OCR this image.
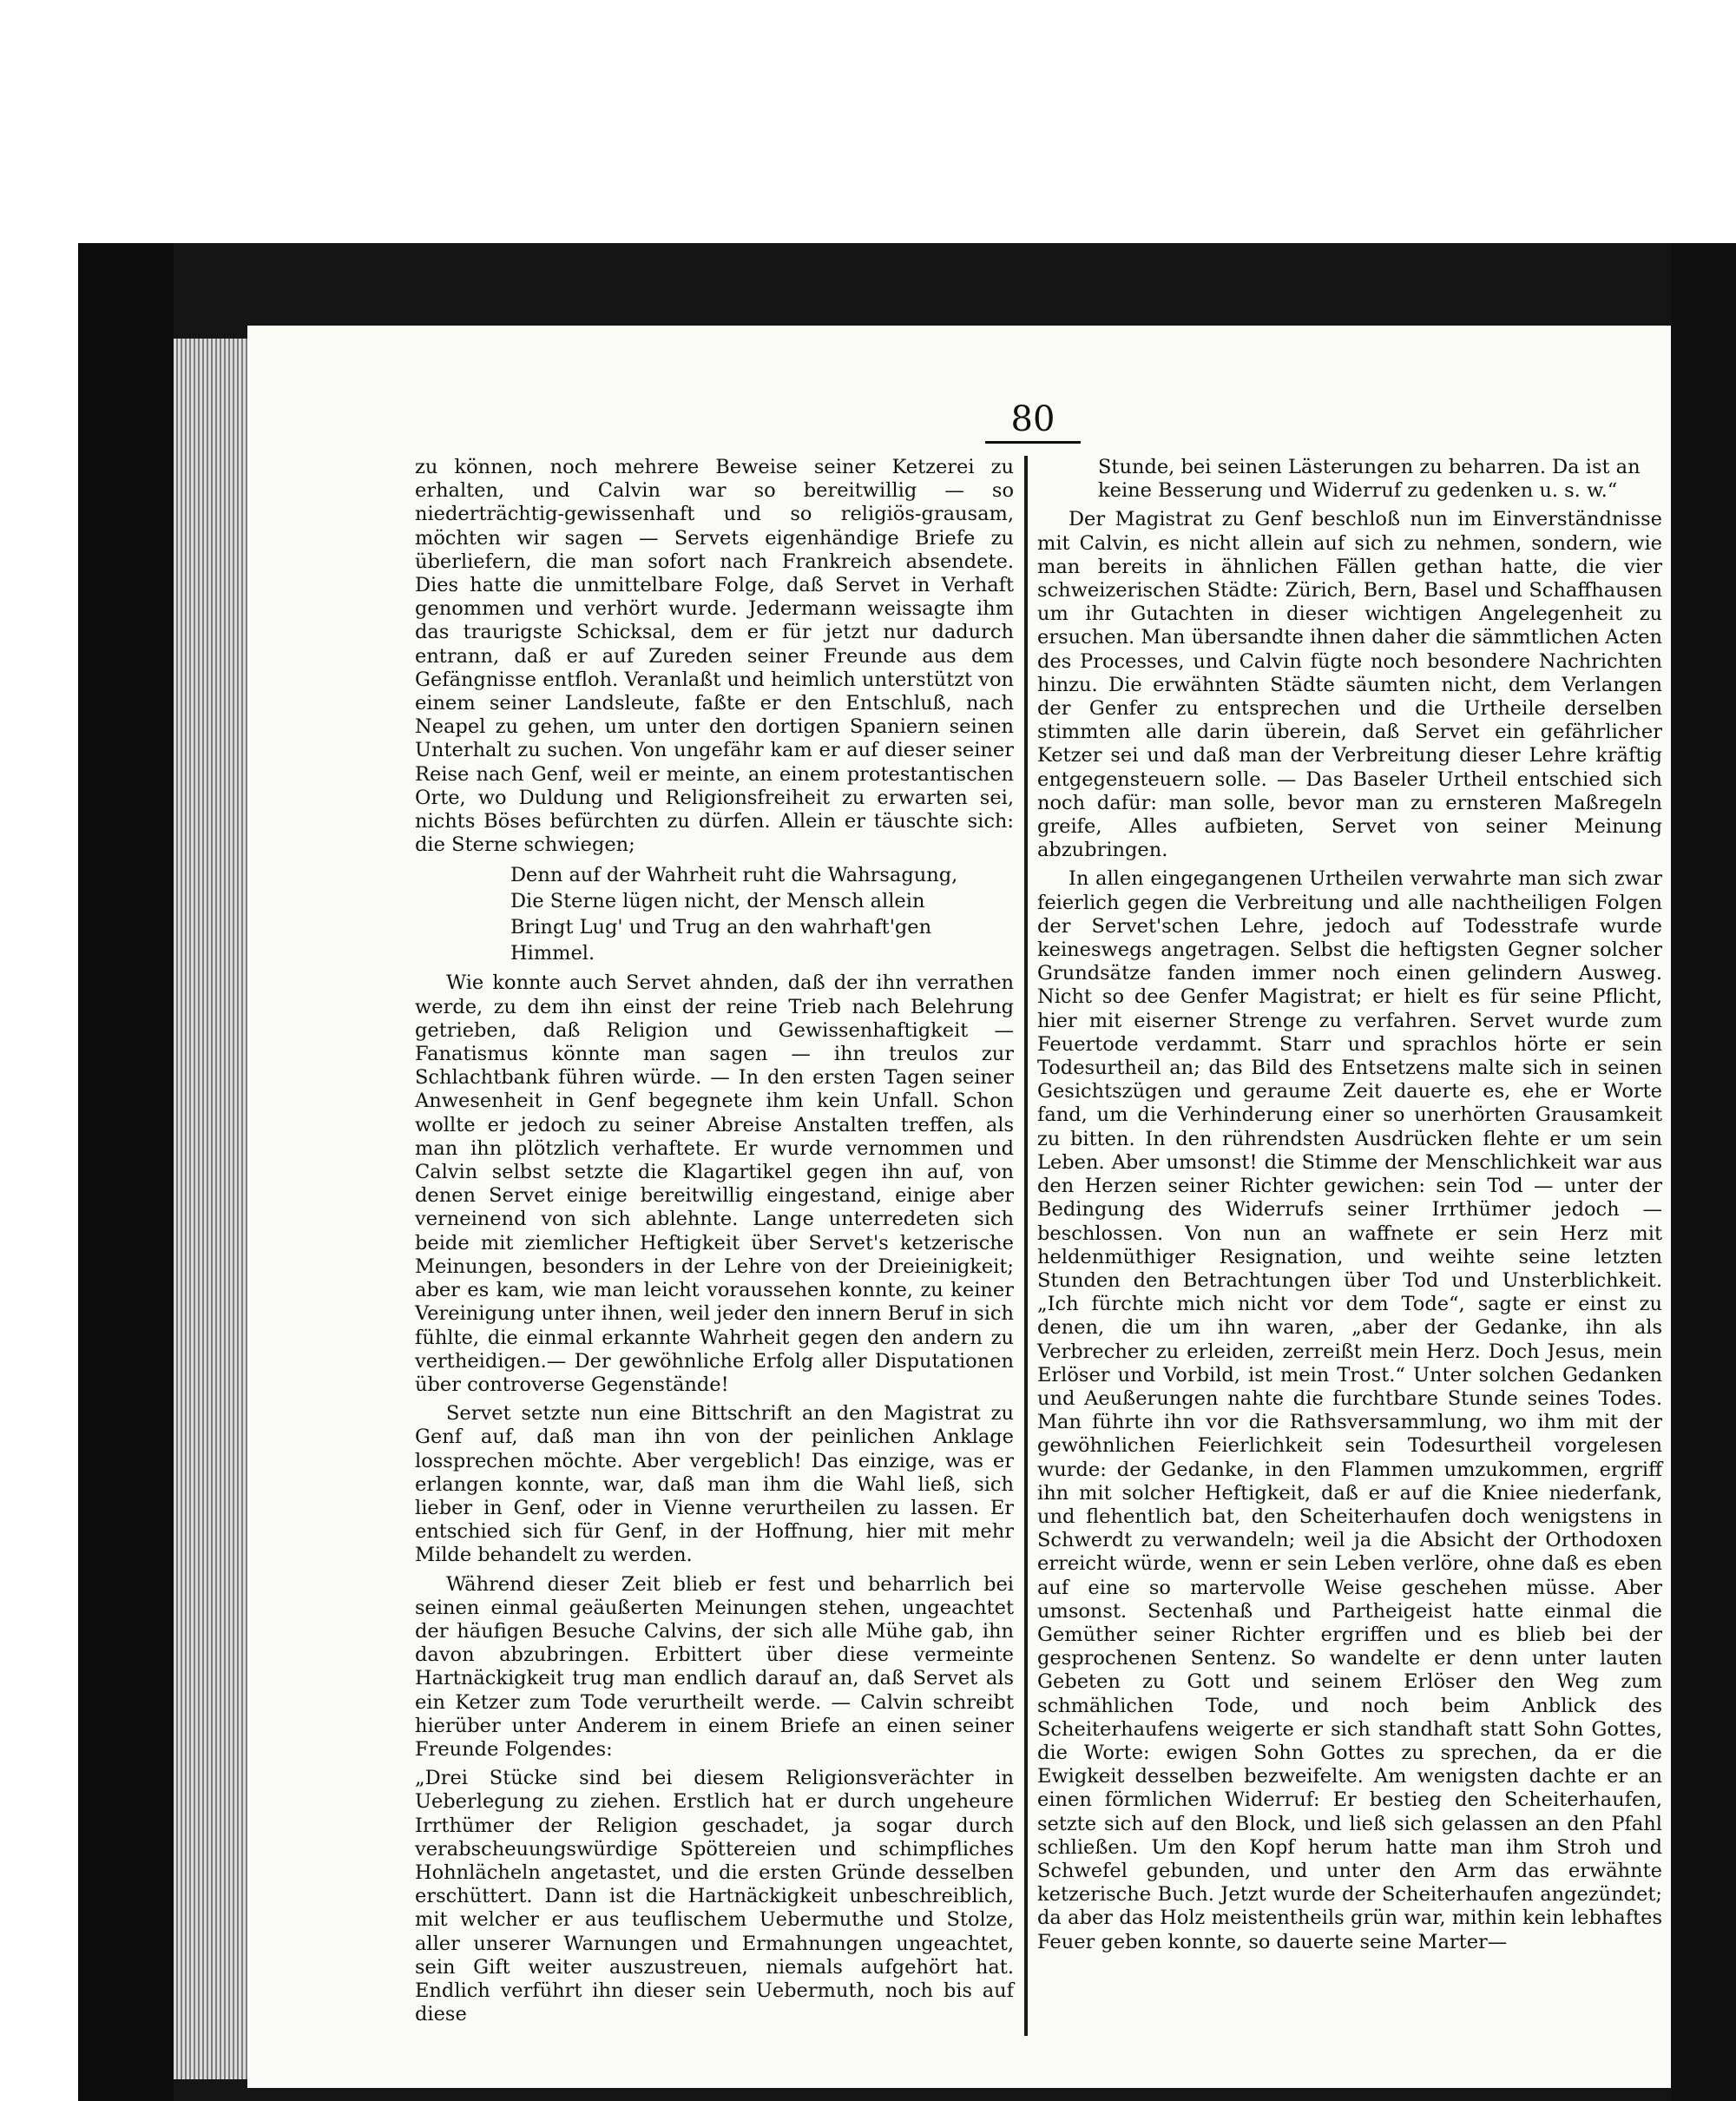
80

zu können, noch mehrere Beweise seiner Ketzerei zu erhalten, und Calvin war so bereitwillig — so niederträchtig-gewissenhaft und so religiös-grausam, möchten wir sagen — Servets eigenhändige Briefe zu überliefern, die man sofort nach Frankreich absendete. Dies hatte die unmittelbare Folge, daß Servet in Verhaft genommen und verhört wurde. Jedermann weissagte ihm das traurigste Schicksal, dem er für jetzt nur dadurch entrann, daß er auf Zureden seiner Freunde aus dem Gefängnisse entfloh. Veranlaßt und heimlich unterstützt von einem seiner Landsleute, faßte er den Entschluß, nach Neapel zu gehen, um unter den dortigen Spaniern seinen Unterhalt zu suchen. Von ungefähr kam er auf dieser seiner Reise nach Genf, weil er meinte, an einem protestantischen Orte, wo Duldung und Religionsfreiheit zu erwarten sei, nichts Böses befürchten zu dürfen. Allein er täuschte sich: die Sterne schwiegen;

Denn auf der Wahrheit ruht die Wahrsagung,
Die Sterne lügen nicht, der Mensch allein
Bringt Lug' und Trug an den wahrhaft'gen Himmel.

Wie konnte auch Servet ahnden, daß der ihn verrathen werde, zu dem ihn einst der reine Trieb nach Belehrung getrieben, daß Religion und Gewissenhaftigkeit — Fanatismus könnte man sagen — ihn treulos zur Schlachtbank führen würde. — In den ersten Tagen seiner Anwesenheit in Genf begegnete ihm kein Unfall. Schon wollte er jedoch zu seiner Abreise Anstalten treffen, als man ihn plötzlich verhaftete. Er wurde vernommen und Calvin selbst setzte die Klagartikel gegen ihn auf, von denen Servet einige bereitwillig eingestand, einige aber verneinend von sich ablehnte. Lange unterredeten sich beide mit ziemlicher Heftigkeit über Servet's ketzerische Meinungen, besonders in der Lehre von der Dreieinigkeit; aber es kam, wie man leicht voraussehen konnte, zu keiner Vereinigung unter ihnen, weil jeder den innern Beruf in sich fühlte, die einmal erkannte Wahrheit gegen den andern zu vertheidigen.— Der gewöhnliche Erfolg aller Disputationen über controverse Gegenstände!

Servet setzte nun eine Bittschrift an den Magistrat zu Genf auf, daß man ihn von der peinlichen Anklage lossprechen möchte. Aber vergeblich! Das einzige, was er erlangen konnte, war, daß man ihm die Wahl ließ, sich lieber in Genf, oder in Vienne verurtheilen zu lassen. Er entschied sich für Genf, in der Hoffnung, hier mit mehr Milde behandelt zu werden.

Während dieser Zeit blieb er fest und beharrlich bei seinen einmal geäußerten Meinungen stehen, ungeachtet der häufigen Besuche Calvins, der sich alle Mühe gab, ihn davon abzubringen. Erbittert über diese vermeinte Hartnäckigkeit trug man endlich darauf an, daß Servet als ein Ketzer zum Tode verurtheilt werde. — Calvin schreibt hierüber unter Anderem in einem Briefe an einen seiner Freunde Folgendes:

„Drei Stücke sind bei diesem Religionsverächter in Ueberlegung zu ziehen. Erstlich hat er durch ungeheure Irrthümer der Religion geschadet, ja sogar durch verabscheuungswürdige Spöttereien und schimpfliches Hohnlächeln angetastet, und die ersten Gründe desselben erschüttert. Dann ist die Hartnäckigkeit unbeschreiblich, mit welcher er aus teuflischem Uebermuthe und Stolze, aller unserer Warnungen und Ermahnungen ungeachtet, sein Gift weiter auszustreuen, niemals aufgehört hat. Endlich verführt ihn dieser sein Uebermuth, noch bis auf diese

Stunde, bei seinen Lästerungen zu beharren. Da ist an keine Besserung und Widerruf zu gedenken u. s. w.“

Der Magistrat zu Genf beschloß nun im Einverständnisse mit Calvin, es nicht allein auf sich zu nehmen, sondern, wie man bereits in ähnlichen Fällen gethan hatte, die vier schweizerischen Städte: Zürich, Bern, Basel und Schaffhausen um ihr Gutachten in dieser wichtigen Angelegenheit zu ersuchen. Man übersandte ihnen daher die sämmtlichen Acten des Processes, und Calvin fügte noch besondere Nachrichten hinzu. Die erwähnten Städte säumten nicht, dem Verlangen der Genfer zu entsprechen und die Urtheile derselben stimmten alle darin überein, daß Servet ein gefährlicher Ketzer sei und daß man der Verbreitung dieser Lehre kräftig entgegensteuern solle. — Das Baseler Urtheil entschied sich noch dafür: man solle, bevor man zu ernsteren Maßregeln greife, Alles aufbieten, Servet von seiner Meinung abzubringen.

In allen eingegangenen Urtheilen verwahrte man sich zwar feierlich gegen die Verbreitung und alle nachtheiligen Folgen der Servet'schen Lehre, jedoch auf Todesstrafe wurde keineswegs angetragen. Selbst die heftigsten Gegner solcher Grundsätze fanden immer noch einen gelindern Ausweg. Nicht so dee Genfer Magistrat; er hielt es für seine Pflicht, hier mit eiserner Strenge zu verfahren. Servet wurde zum Feuertode verdammt. Starr und sprachlos hörte er sein Todesurtheil an; das Bild des Entsetzens malte sich in seinen Gesichtszügen und geraume Zeit dauerte es, ehe er Worte fand, um die Verhinderung einer so unerhörten Grausamkeit zu bitten. In den rührendsten Ausdrücken flehte er um sein Leben. Aber umsonst! die Stimme der Menschlichkeit war aus den Herzen seiner Richter gewichen: sein Tod — unter der Bedingung des Widerrufs seiner Irrthümer jedoch — beschlossen. Von nun an waffnete er sein Herz mit heldenmüthiger Resignation, und weihte seine letzten Stunden den Betrachtungen über Tod und Unsterblichkeit. „Ich fürchte mich nicht vor dem Tode“, sagte er einst zu denen, die um ihn waren, „aber der Gedanke, ihn als Verbrecher zu erleiden, zerreißt mein Herz. Doch Jesus, mein Erlöser und Vorbild, ist mein Trost.“ Unter solchen Gedanken und Aeußerungen nahte die furchtbare Stunde seines Todes. Man führte ihn vor die Rathsversammlung, wo ihm mit der gewöhnlichen Feierlichkeit sein Todesurtheil vorgelesen wurde: der Gedanke, in den Flammen umzukommen, ergriff ihn mit solcher Heftigkeit, daß er auf die Kniee niederfank, und flehentlich bat, den Scheiterhaufen doch wenigstens in Schwerdt zu verwandeln; weil ja die Absicht der Orthodoxen erreicht würde, wenn er sein Leben verlöre, ohne daß es eben auf eine so martervolle Weise geschehen müsse. Aber umsonst. Sectenhaß und Partheigeist hatte einmal die Gemüther seiner Richter ergriffen und es blieb bei der gesprochenen Sentenz. So wandelte er denn unter lauten Gebeten zu Gott und seinem Erlöser den Weg zum schmählichen Tode, und noch beim Anblick des Scheiterhaufens weigerte er sich standhaft statt Sohn Gottes, die Worte: ewigen Sohn Gottes zu sprechen, da er die Ewigkeit desselben bezweifelte. Am wenigsten dachte er an einen förmlichen Widerruf: Er bestieg den Scheiterhaufen, setzte sich auf den Block, und ließ sich gelassen an den Pfahl schließen. Um den Kopf herum hatte man ihm Stroh und Schwefel gebunden, und unter den Arm das erwähnte ketzerische Buch. Jetzt wurde der Scheiterhaufen angezündet; da aber das Holz meistentheils grün war, mithin kein lebhaftes Feuer geben konnte, so dauerte seine Marter—
